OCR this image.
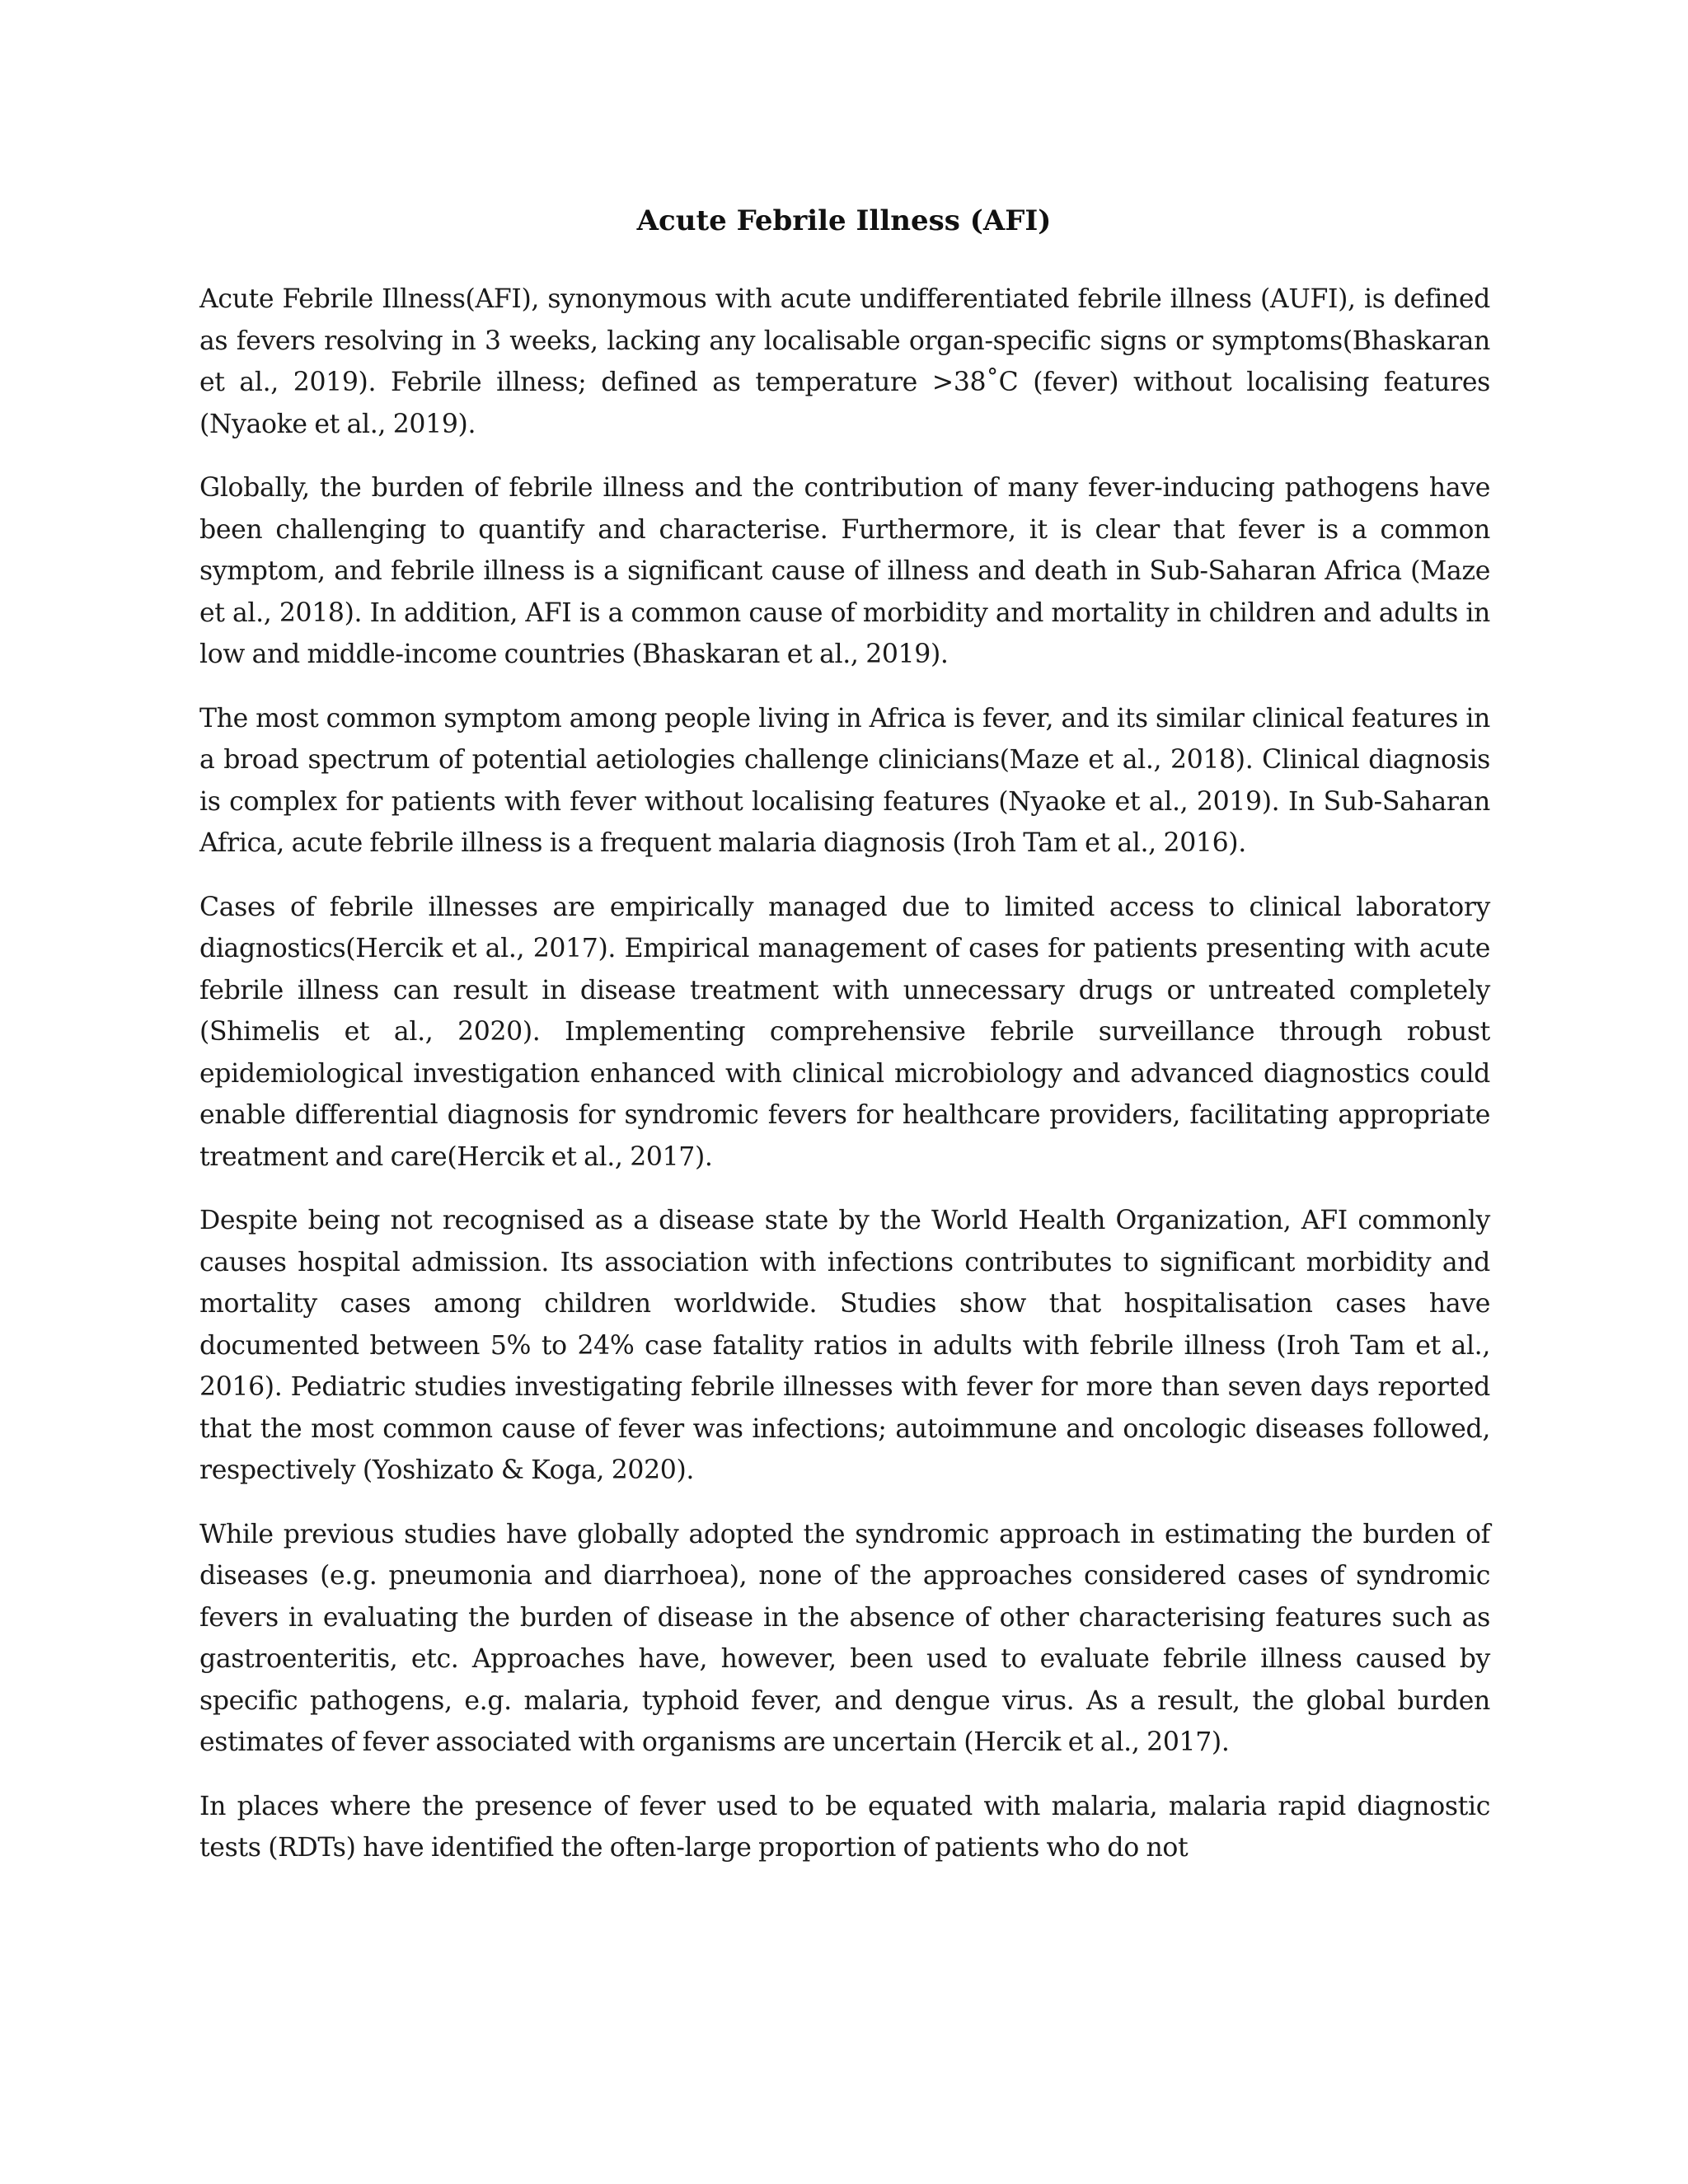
Acute Febrile Illness (AFI)

Acute Febrile Illness(AFI), synonymous with acute undifferentiated febrile illness (AUFI), is defined as fevers resolving in 3 weeks, lacking any localisable organ-specific signs or symptoms(Bhaskaran et al., 2019). Febrile illness; defined as temperature >38˚C (fever) without localising features (Nyaoke et al., 2019).

Globally, the burden of febrile illness and the contribution of many fever-inducing pathogens have been challenging to quantify and characterise. Furthermore, it is clear that fever is a common symptom, and febrile illness is a significant cause of illness and death in Sub-Saharan Africa (Maze et al., 2018). In addition, AFI is a common cause of morbidity and mortality in children and adults in low and middle-income countries (Bhaskaran et al., 2019).

The most common symptom among people living in Africa is fever, and its similar clinical features in a broad spectrum of potential aetiologies challenge clinicians(Maze et al., 2018). Clinical diagnosis is complex for patients with fever without localising features (Nyaoke et al., 2019). In Sub-Saharan Africa, acute febrile illness is a frequent malaria diagnosis (Iroh Tam et al., 2016).

Cases of febrile illnesses are empirically managed due to limited access to clinical laboratory diagnostics(Hercik et al., 2017). Empirical management of cases for patients presenting with acute febrile illness can result in disease treatment with unnecessary drugs or untreated completely (Shimelis et al., 2020). Implementing comprehensive febrile surveillance through robust epidemiological investigation enhanced with clinical microbiology and advanced diagnostics could enable differential diagnosis for syndromic fevers for healthcare providers, facilitating appropriate treatment and care(Hercik et al., 2017).

Despite being not recognised as a disease state by the World Health Organization, AFI commonly causes hospital admission. Its association with infections contributes to significant morbidity and mortality cases among children worldwide. Studies show that hospitalisation cases have documented between 5% to 24% case fatality ratios in adults with febrile illness (Iroh Tam et al., 2016). Pediatric studies investigating febrile illnesses with fever for more than seven days reported that the most common cause of fever was infections; autoimmune and oncologic diseases followed, respectively (Yoshizato & Koga, 2020).

While previous studies have globally adopted the syndromic approach in estimating the burden of diseases (e.g. pneumonia and diarrhoea), none of the approaches considered cases of syndromic fevers in evaluating the burden of disease in the absence of other characterising features such as gastroenteritis, etc. Approaches have, however, been used to evaluate febrile illness caused by specific pathogens, e.g. malaria, typhoid fever, and dengue virus. As a result, the global burden estimates of fever associated with organisms are uncertain (Hercik et al., 2017).

In places where the presence of fever used to be equated with malaria, malaria rapid diagnostic tests (RDTs) have identified the often-large proportion of patients who do not
